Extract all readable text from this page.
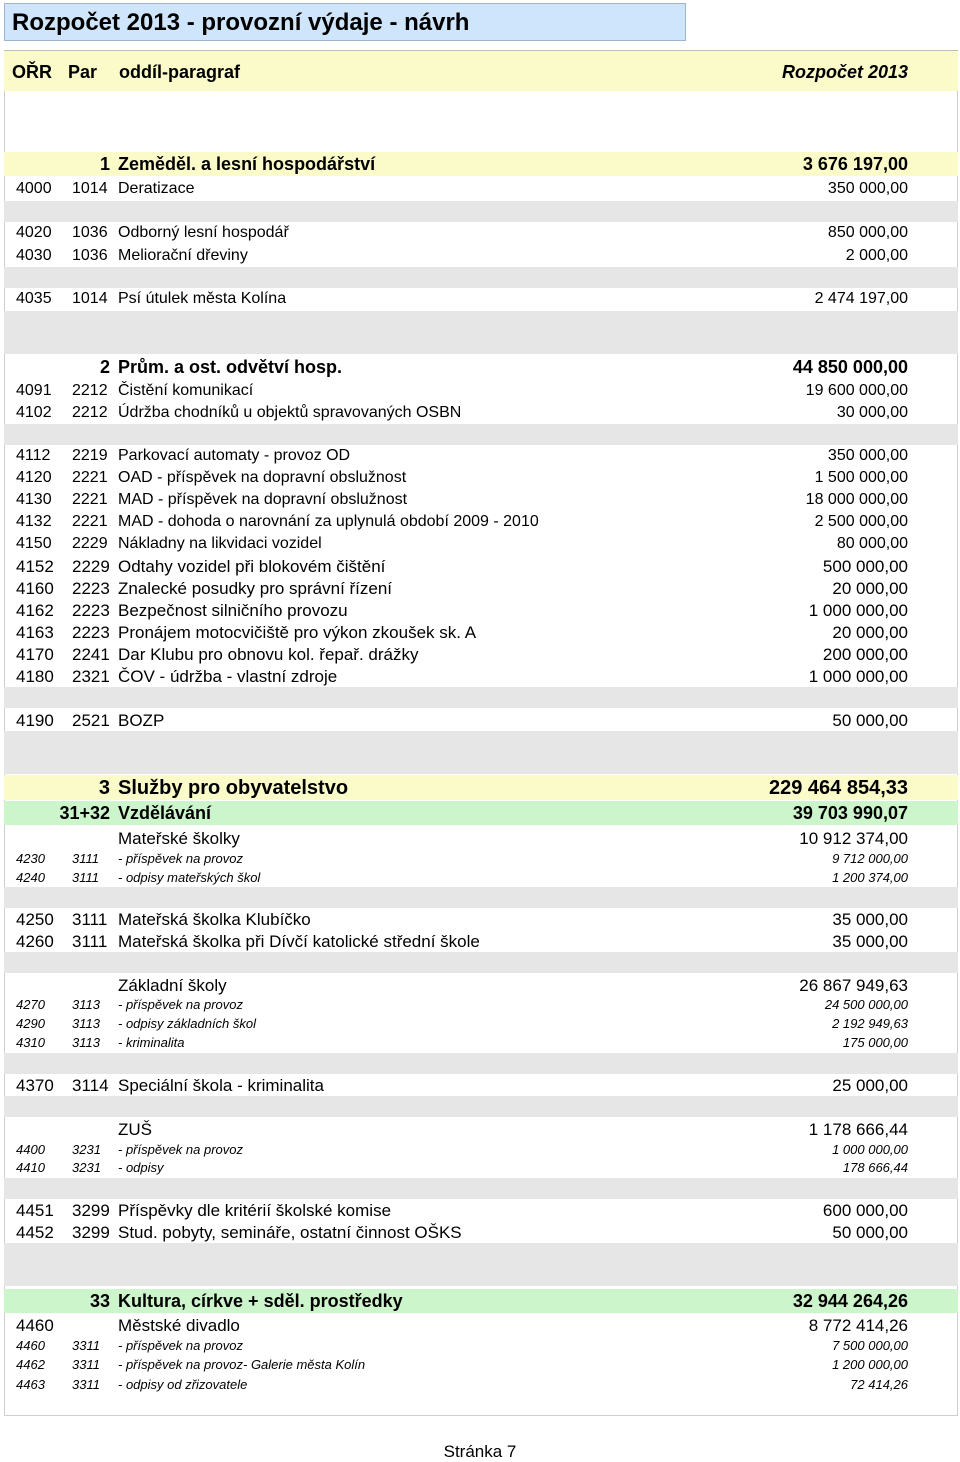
Rozpočet 2013 - provozní výdaje - návrh
OŘR Par oddíl-paragraf	Rozpočet 2013
1 Zeměděl. a lesní hospodářství	3 676 197,00
4000 1014 Deratizace	350 000,00
4020 1036 Odborný lesní hospodář	850 000,00
4030 1036 Meliorační dřeviny	2 000,00
4035 1014 Psí útulek města Kolína	2 474 197,00
2 Prům. a ost. odvětví hosp.	44 850 000,00
4091 2212 Čistění komunikací	19 600 000,00
4102 2212 Údržba chodníků u objektů spravovaných OSBN	30 000,00
4112 2219 Parkovací automaty - provoz OD	350 000,00
4120 2221 OAD - příspěvek na dopravní obslužnost	1 500 000,00
4130 2221 MAD - příspěvek na dopravní obslužnost	18 000 000,00
4132 2221 MAD - dohoda o narovnání za uplynulá období 2009 - 2010	2 500 000,00
4150 2229 Nákladny na likvidaci vozidel	80 000,00
4152 2229 Odtahy vozidel při blokovém čištění	500 000,00
4160 2223 Znalecké posudky pro správní řízení	20 000,00
4162 2223 Bezpečnost silničního provozu	1 000 000,00
4163 2223 Pronájem motocvičiště pro výkon zkoušek sk. A	20 000,00
4170 2241 Dar Klubu pro obnovu kol. řepař. drážky	200 000,00
4180 2321 ČOV - údržba - vlastní zdroje	1 000 000,00
4190 2521 BOZP	50 000,00
3 Služby pro obyvatelstvo	229 464 854,33
31+32 Vzdělávání	39 703 990,07
Mateřské školky	10 912 374,00
4230 3111 - příspěvek na provoz	9 712 000,00
4240 3111 - odpisy mateřských škol	1 200 374,00
4250 3111 Mateřská školka Klubíčko	35 000,00
4260 3111 Mateřská školka při Dívčí katolické střední škole	35 000,00
Základní školy	26 867 949,63
4270 3113 - příspěvek na provoz	24 500 000,00
4290 3113 - odpisy základních škol	2 192 949,63
4310 3113 - kriminalita	175 000,00
4370 3114 Speciální škola - kriminalita	25 000,00
ZUŠ	1 178 666,44
4400 3231 - příspěvek na provoz	1 000 000,00
4410 3231 - odpisy	178 666,44
4451 3299 Příspěvky dle kritérií školské komise	600 000,00
4452 3299 Stud. pobyty, semináře, ostatní činnost OŠKS	50 000,00
33 Kultura, církve + sděl. prostředky	32 944 264,26
4460	Městské divadlo	8 772 414,26
4460 3311 - příspěvek na provoz	7 500 000,00
4462 3311 - příspěvek na provoz- Galerie města Kolín	1 200 000,00
4463 3311 - odpisy od zřizovatele	72 414,26
Stránka 7
